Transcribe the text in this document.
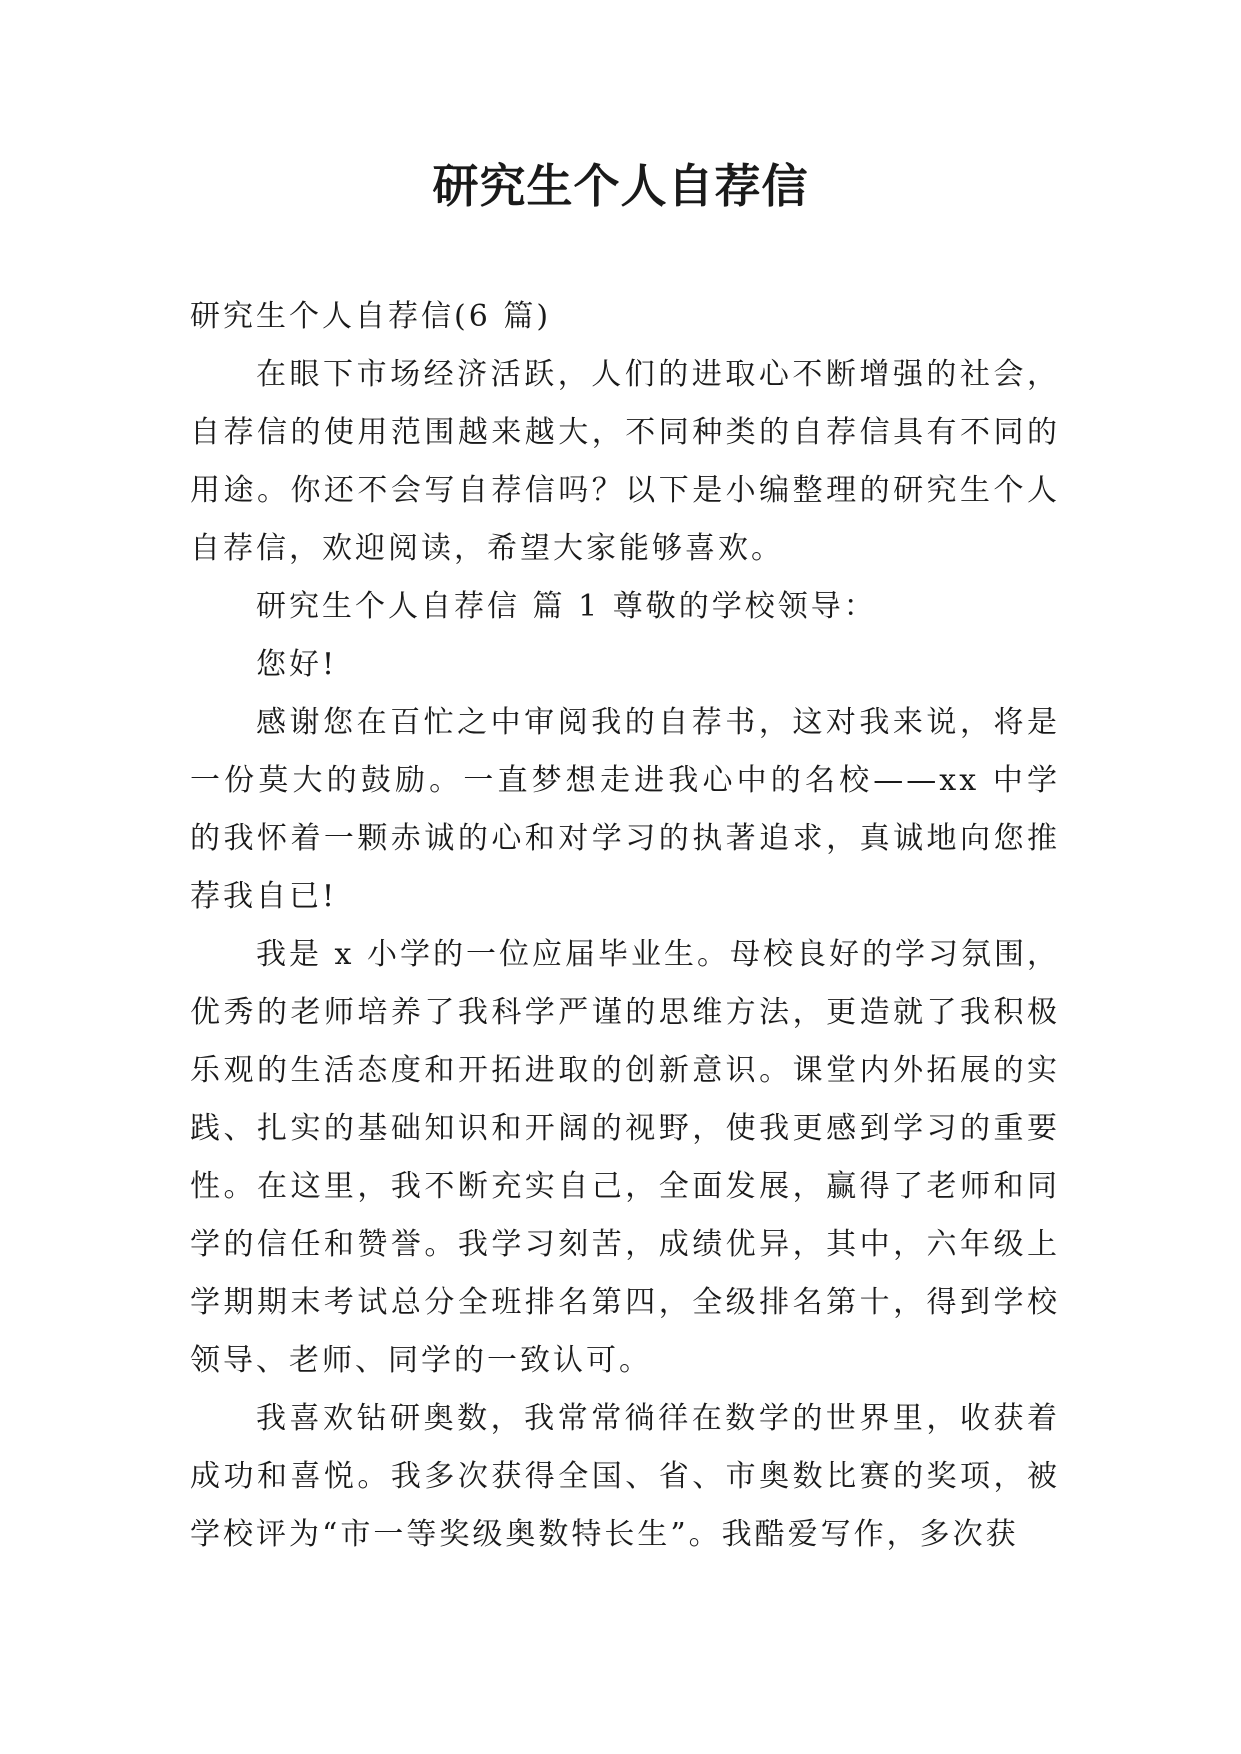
研究生个人自荐信

研究生个人自荐信(6 篇)

在眼下市场经济活跃，人们的进取心不断增强的社会，自荐信的使用范围越来越大，不同种类的自荐信具有不同的用途。你还不会写自荐信吗？以下是小编整理的研究生个人自荐信，欢迎阅读，希望大家能够喜欢。

研究生个人自荐信 篇 1 尊敬的学校领导：

您好!

感谢您在百忙之中审阅我的自荐书，这对我来说，将是一份莫大的鼓励。一直梦想走进我心中的名校——xx 中学的我怀着一颗赤诚的心和对学习的执著追求，真诚地向您推荐我自已!

我是 x 小学的一位应届毕业生。母校良好的学习氛围，优秀的老师培养了我科学严谨的思维方法，更造就了我积极乐观的生活态度和开拓进取的创新意识。课堂内外拓展的实践、扎实的基础知识和开阔的视野，使我更感到学习的重要性。在这里，我不断充实自己，全面发展，赢得了老师和同学的信任和赞誉。我学习刻苦，成绩优异，其中，六年级上学期期末考试总分全班排名第四，全级排名第十，得到学校领导、老师、同学的一致认可。

我喜欢钻研奥数，我常常徜徉在数学的世界里，收获着成功和喜悦。我多次获得全国、省、市奥数比赛的奖项，被学校评为“市一等奖级奥数特长生”。我酷爱写作，多次获
